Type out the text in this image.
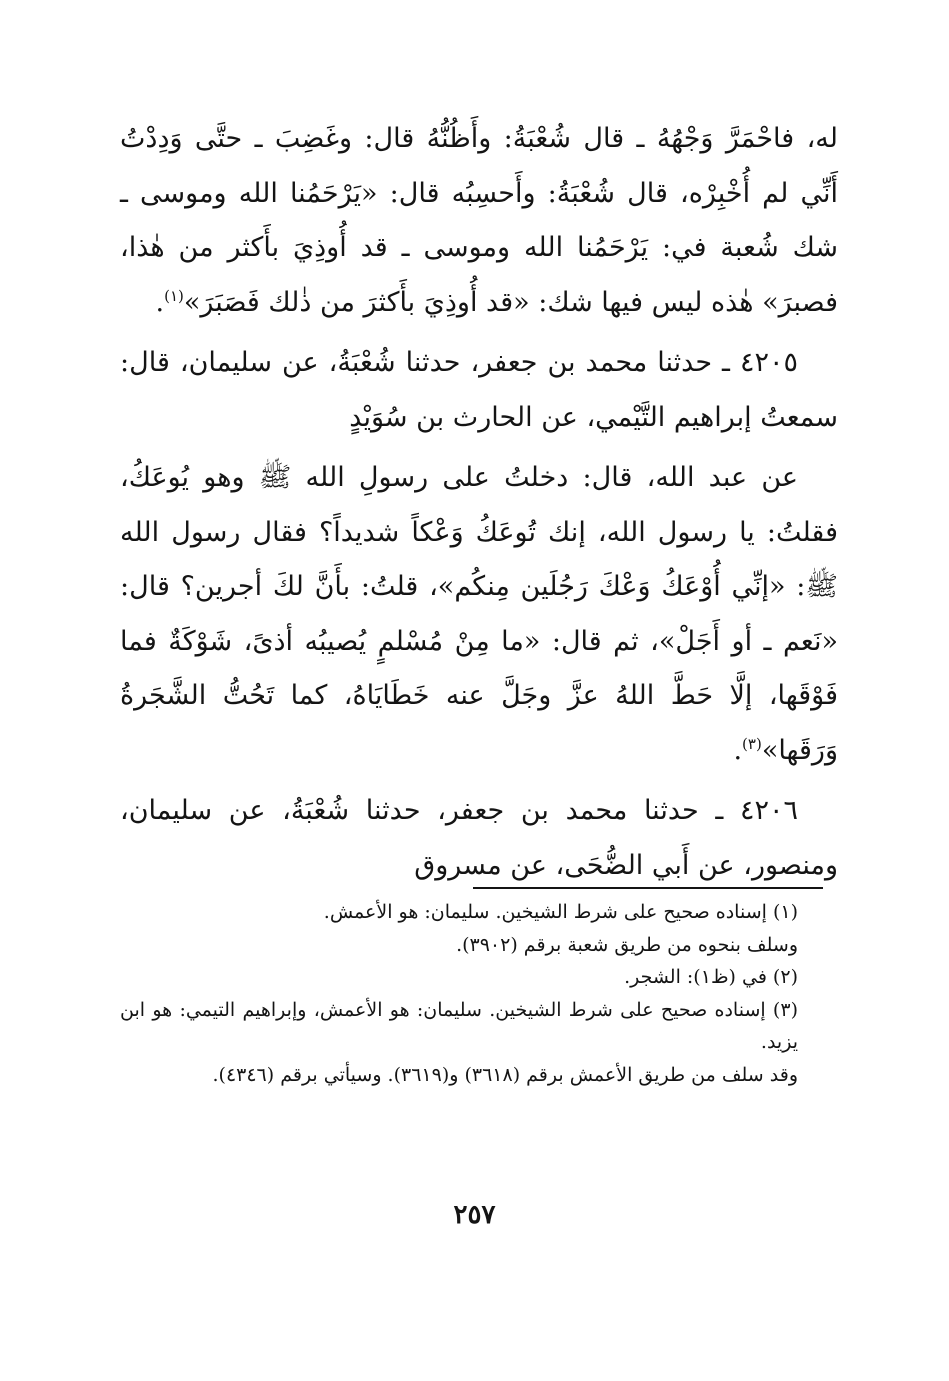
له، فاحْمَرَّ وَجْهُهُ ـ قال شُعْبَةُ: وأَظُنُّهُ قال: وغَضِبَ ـ حتَّى وَدِدْتُ أَنِّي لم أُخْبِرْه، قال شُعْبَةُ: وأَحسِبُه قال: «يَرْحَمُنا الله وموسى ـ شك شُعبة في: يَرْحَمُنا الله وموسى ـ قد أُوذِيَ بأَكثر من هٰذا، فصبرَ» هٰذه ليس فيها شك: «قد أُوذِيَ بأَكثرَ من ذٰلك فَصَبَرَ»$^{(١)}$.

٤٢٠٥ ـ حدثنا محمد بن جعفر، حدثنا شُعْبَةُ، عن سليمان، قال: سمعتُ إبراهيم التَّيْمي، عن الحارث بن سُوَيْدٍ

عن عبد الله، قال: دخلتُ على رسولِ الله ﷺ وهو يُوعَكُ، فقلتُ: يا رسول الله، إنك تُوعَكُ وَعْكاً شديداً؟ فقال رسول الله ﷺ: «إنِّي أُوْعَكُ وَعْكَ رَجُلَين مِنكُم»، قلتُ: بأَنَّ لكَ أجرين؟ قال: «نَعم ـ أو أَجَلْ»، ثم قال: «ما مِنْ مُسْلمٍ يُصيبُه أذىً، شَوْكَةٌ فما فَوْقَها، إلَّا حَطَّ اللهُ عزَّ وجَلَّ عنه خَطَايَاهُ، كما تَحُتُّ الشَّجَرةُ وَرَقَها»$^{(٣)}$.

٤٢٠٦ ـ حدثنا محمد بن جعفر، حدثنا شُعْبَةُ، عن سليمان، ومنصور، عن أَبي الضُّحَى، عن مسروق

(١) إسناده صحيح على شرط الشيخين. سليمان: هو الأعمش.

وسلف بنحوه من طريق شعبة برقم (٣٩٠٢).

(٢) في (ظ١): الشجر.

(٣) إسناده صحيح على شرط الشيخين. سليمان: هو الأعمش، وإبراهيم التيمي: هو ابن يزيد.

وقد سلف من طريق الأعمش برقم (٣٦١٨) و(٣٦١٩). وسيأتي برقم (٤٣٤٦).

٢٥٧
